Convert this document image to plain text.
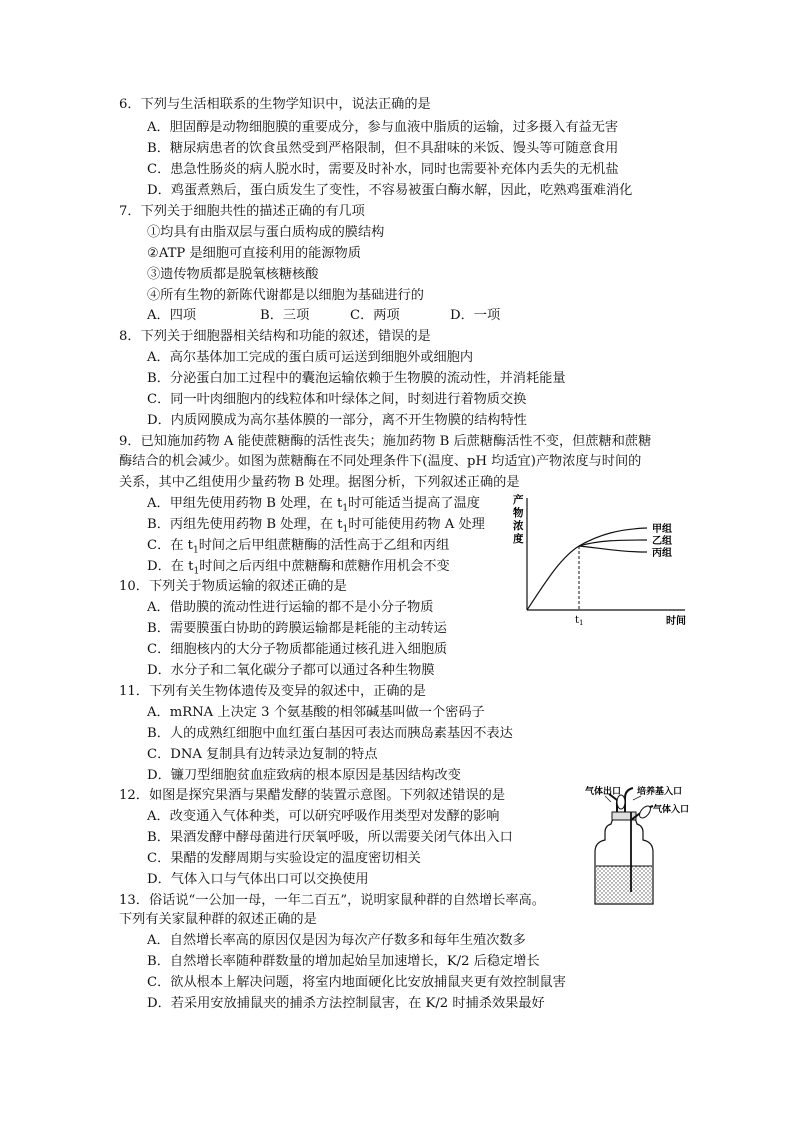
6．下列与生活相联系的生物学知识中，说法正确的是
A．胆固醇是动物细胞膜的重要成分，参与血液中脂质的运输，过多摄入有益无害
B．糖尿病患者的饮食虽然受到严格限制，但不具甜味的米饭、馒头等可随意食用
C．患急性肠炎的病人脱水时，需要及时补水，同时也需要补充体内丢失的无机盐
D．鸡蛋煮熟后，蛋白质发生了变性，不容易被蛋白酶水解，因此，吃熟鸡蛋难消化
7．下列关于细胞共性的描述正确的有几项
①均具有由脂双层与蛋白质构成的膜结构
②ATP 是细胞可直接利用的能源物质
③遗传物质都是脱氧核糖核酸
④所有生物的新陈代谢都是以细胞为基础进行的
A．四项	B．三项	C．两项	D．一项
8．下列关于细胞器相关结构和功能的叙述，错误的是
A．高尔基体加工完成的蛋白质可运送到细胞外或细胞内
B．分泌蛋白加工过程中的囊泡运输依赖于生物膜的流动性，并消耗能量
C．同一叶肉细胞内的线粒体和叶绿体之间，时刻进行着物质交换
D．内质网膜成为高尔基体膜的一部分，离不开生物膜的结构特性
9．已知施加药物 A 能使蔗糖酶的活性丧失；施加药物 B 后蔗糖酶活性不变，但蔗糖和蔗糖
酶结合的机会减少。如图为蔗糖酶在不同处理条件下(温度、pH 均适宜)产物浓度与时间的
关系，其中乙组使用少量药物 B 处理。据图分析，下列叙述正确的是
A．甲组先使用药物 B 处理，在 $t_1$时可能适当提高了温度
B．丙组先使用药物 B 处理，在 $t_1$时可能使用药物 A 处理
C．在 $t_1$时间之后甲组蔗糖酶的活性高于乙组和丙组
D．在 $t_1$时间之后丙组中蔗糖酶和蔗糖作用机会不变
产
物
浓
度
甲组
乙组
丙组
$t_1$	时间
10．下列关于物质运输的叙述正确的是
A．借助膜的流动性进行运输的都不是小分子物质
B．需要膜蛋白协助的跨膜运输都是耗能的主动转运
C．细胞核内的大分子物质都能通过核孔进入细胞质
D．水分子和二氧化碳分子都可以通过各种生物膜
11．下列有关生物体遗传及变异的叙述中，正确的是
A．mRNA 上决定 3 个氨基酸的相邻碱基叫做一个密码子
B．人的成熟红细胞中血红蛋白基因可表达而胰岛素基因不表达
C．DNA 复制具有边转录边复制的特点
D．镰刀型细胞贫血症致病的根本原因是基因结构改变
12．如图是探究果酒与果醋发酵的装置示意图。下列叙述错误的是
A．改变通入气体种类，可以研究呼吸作用类型对发酵的影响
B．果酒发酵中酵母菌进行厌氧呼吸，所以需要关闭气体出入口
C．果醋的发酵周期与实验设定的温度密切相关
D．气体入口与气体出口可以交换使用
气体出口 培养基入口
气体入口
13．俗话说“一公加一母，一年二百五”，说明家鼠种群的自然增长率高。
下列有关家鼠种群的叙述正确的是
A．自然增长率高的原因仅是因为每次产仔数多和每年生殖次数多
B．自然增长率随种群数量的增加起始呈加速增长，K/2 后稳定增长
C．欲从根本上解决问题，将室内地面硬化比安放捕鼠夹更有效控制鼠害
D．若采用安放捕鼠夹的捕杀方法控制鼠害，在 K/2 时捕杀效果最好
